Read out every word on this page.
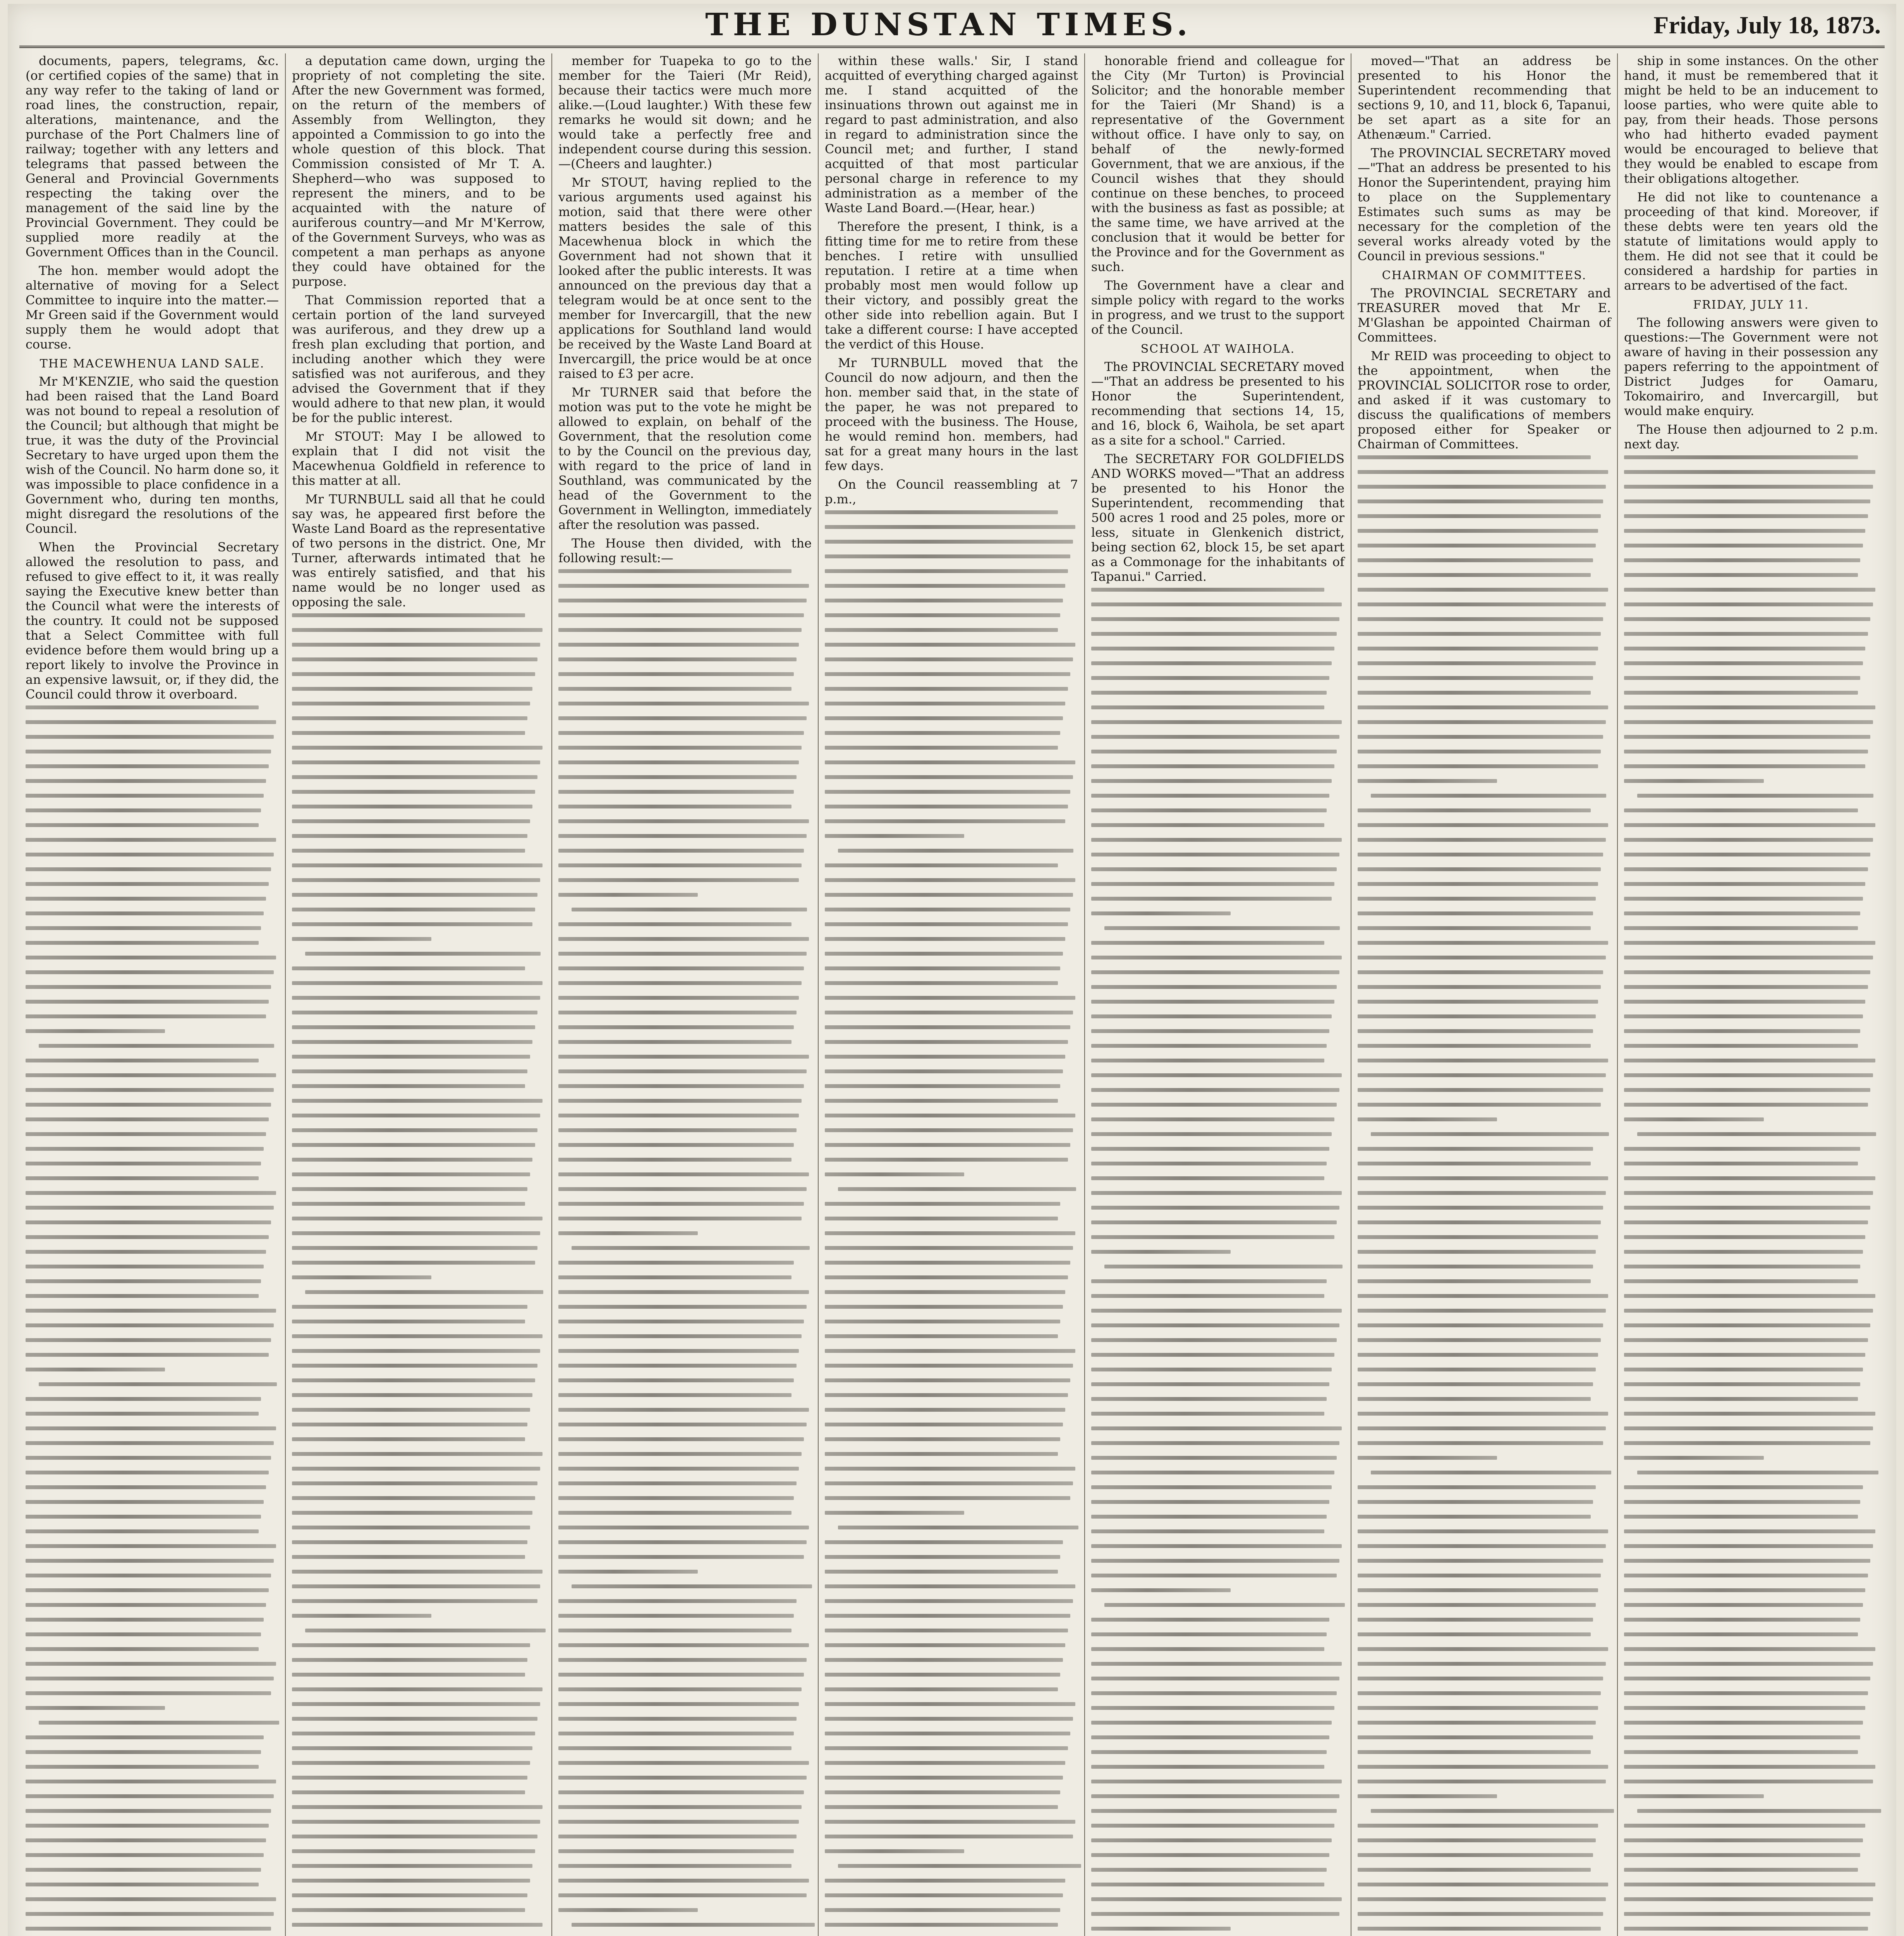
THE DUNSTAN TIMES.	Friday, July 18, 1873.

documents, papers, telegrams, &c. (or certified copies of the same) that in any way refer to the taking of land or road lines, the construction, repair, alterations, maintenance, and the purchase of the Port Chalmers line of railway; together with any letters and telegrams that passed between the General and Provincial Governments respecting the taking over the management of the said line by the Provincial Government. They could be supplied more readily at the Government Offices than in the Council.

The hon. member would adopt the alternative of moving for a Select Committee to inquire into the matter.—Mr Green said if the Government would supply them he would adopt that course.

THE MACEWHENUA LAND SALE.

Mr M'KENZIE, who said the question had been raised that the Land Board was not bound to repeal a resolution of the Council; but although that might be true, it was the duty of the Provincial Secretary to have urged upon them the wish of the Council. No harm done so, it was impossible to place confidence in a Government who, during ten months, might disregard the resolutions of the Council.

When the Provincial Secretary allowed the resolution to pass, and refused to give effect to it, it was really saying the Executive knew better than the Council what were the interests of the country. It could not be supposed that a Select Committee with full evidence before them would bring up a report likely to involve the Province in an expensive lawsuit, or, if they did, the Council could throw it overboard.

a deputation came down, urging the propriety of not completing the site. After the new Government was formed, on the return of the members of Assembly from Wellington, they appointed a Commission to go into the whole question of this block. That Commission consisted of Mr T. A. Shepherd—who was supposed to represent the miners, and to be acquainted with the nature of auriferous country—and Mr M'Kerrow, of the Government Surveys, who was as competent a man perhaps as anyone they could have obtained for the purpose.

That Commission reported that a certain portion of the land surveyed was auriferous, and they drew up a fresh plan excluding that portion, and including another which they were satisfied was not auriferous, and they advised the Government that if they would adhere to that new plan, it would be for the public interest.

Mr STOUT: May I be allowed to explain that I did not visit the Macewhenua Goldfield in reference to this matter at all.

Mr TURNBULL said all that he could say was, he appeared first before the Waste Land Board as the representative of two persons in the district. One, Mr Turner, afterwards intimated that he was entirely satisfied, and that his name would be no longer used as opposing the sale.

member for Tuapeka to go to the member for the Taieri (Mr Reid), because their tactics were much more alike.—(Loud laughter.) With these few remarks he would sit down; and he would take a perfectly free and independent course during this session.—(Cheers and laughter.)

Mr STOUT, having replied to the various arguments used against his motion, said that there were other matters besides the sale of this Macewhenua block in which the Government had not shown that it looked after the public interests. It was announced on the previous day that a telegram would be at once sent to the member for Invercargill, that the new applications for Southland land would be received by the Waste Land Board at Invercargill, the price would be at once raised to £3 per acre.

Mr TURNER said that before the motion was put to the vote he might be allowed to explain, on behalf of the Government, that the resolution come to by the Council on the previous day, with regard to the price of land in Southland, was communicated by the head of the Government to the Government in Wellington, immediately after the resolution was passed.

The House then divided, with the following result:—

within these walls.' Sir, I stand acquitted of everything charged against me. I stand acquitted of the insinuations thrown out against me in regard to past administration, and also in regard to administration since the Council met; and further, I stand acquitted of that most particular personal charge in reference to my administration as a member of the Waste Land Board.—(Hear, hear.)

Therefore the present, I think, is a fitting time for me to retire from these benches. I retire with unsullied reputation. I retire at a time when probably most men would follow up their victory, and possibly great the other side into rebellion again. But I take a different course: I have accepted the verdict of this House.

Mr TURNBULL moved that the Council do now adjourn, and then the hon. member said that, in the state of the paper, he was not prepared to proceed with the business. The House, he would remind hon. members, had sat for a great many hours in the last few days.

On the Council reassembling at 7 p.m.,

honorable friend and colleague for the City (Mr Turton) is Provincial Solicitor; and the honorable member for the Taieri (Mr Shand) is a representative of the Government without office. I have only to say, on behalf of the newly-formed Government, that we are anxious, if the Council wishes that they should continue on these benches, to proceed with the business as fast as possible; at the same time, we have arrived at the conclusion that it would be better for the Province and for the Government as such.

The Government have a clear and simple policy with regard to the works in progress, and we trust to the support of the Council.

SCHOOL AT WAIHOLA.

The PROVINCIAL SECRETARY moved—"That an address be presented to his Honor the Superintendent, recommending that sections 14, 15, and 16, block 6, Waihola, be set apart as a site for a school." Carried.

The SECRETARY FOR GOLDFIELDS AND WORKS moved—"That an address be presented to his Honor the Superintendent, recommending that 500 acres 1 rood and 25 poles, more or less, situate in Glenkenich district, being section 62, block 15, be set apart as a Commonage for the inhabitants of Tapanui." Carried.

moved—"That an address be presented to his Honor the Superintendent recommending that sections 9, 10, and 11, block 6, Tapanui, be set apart as a site for an Athenæum." Carried.

The PROVINCIAL SECRETARY moved—"That an address be presented to his Honor the Superintendent, praying him to place on the Supplementary Estimates such sums as may be necessary for the completion of the several works already voted by the Council in previous sessions."

CHAIRMAN OF COMMITTEES.

The PROVINCIAL SECRETARY and TREASURER moved that Mr E. M'Glashan be appointed Chairman of Committees.

Mr REID was proceeding to object to the appointment, when the PROVINCIAL SOLICITOR rose to order, and asked if it was customary to discuss the qualifications of members proposed either for Speaker or Chairman of Committees.

ship in some instances. On the other hand, it must be remembered that it might be held to be an inducement to loose parties, who were quite able to pay, from their heads. Those persons who had hitherto evaded payment would be encouraged to believe that they would be enabled to escape from their obligations altogether.

He did not like to countenance a proceeding of that kind. Moreover, if these debts were ten years old the statute of limitations would apply to them. He did not see that it could be considered a hardship for parties in arrears to be advertised of the fact.

FRIDAY, JULY 11.

The following answers were given to questions:—The Government were not aware of having in their possession any papers referring to the appointment of District Judges for Oamaru, Tokomairiro, and Invercargill, but would make enquiry.

The House then adjourned to 2 p.m. next day.
